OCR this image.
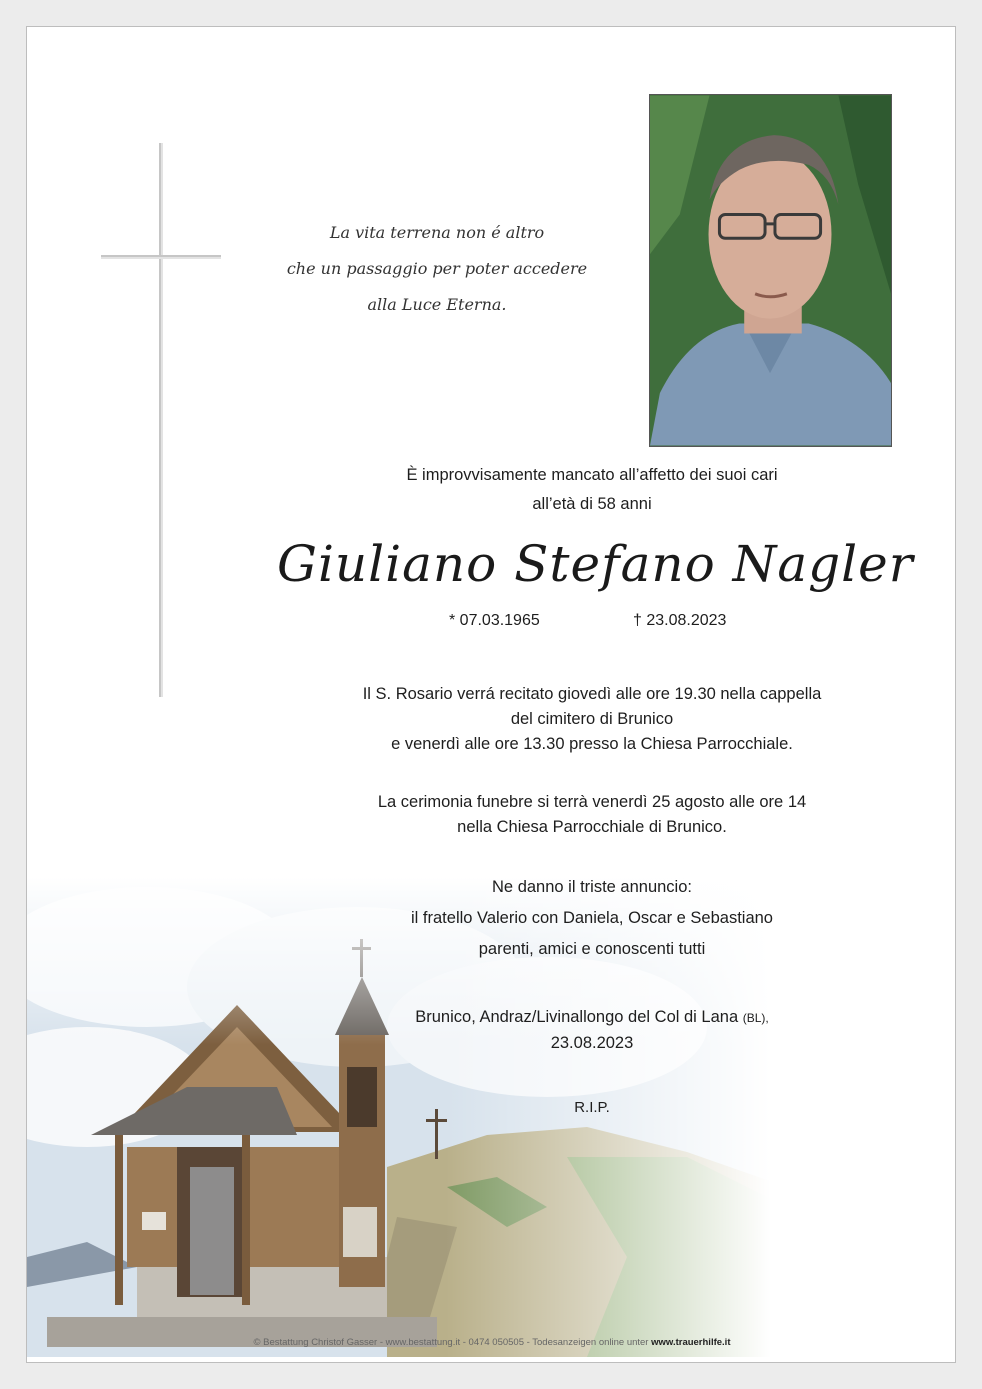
La vita terrena non é altro
che un passaggio per poter accedere
alla Luce Eterna.
È improvvisamente mancato all’affetto dei suoi cari
all’età di 58 anni
Giuliano Stefano Nagler
* 07.03.1965	† 23.08.2023
Il S. Rosario verrá recitato giovedì alle ore 19.30 nella cappella
del cimitero di Brunico
e venerdì alle ore 13.30 presso la Chiesa Parrocchiale.
La cerimonia funebre si terrà venerdì 25 agosto alle ore 14
nella Chiesa Parrocchiale di Brunico.
Ne danno il triste annuncio:
il fratello Valerio con Daniela, Oscar e Sebastiano
parenti, amici e conoscenti tutti
Brunico, Andraz/Livinallongo del Col di Lana (BL),
23.08.2023
R.I.P.
© Bestattung Christof Gasser - www.bestattung.it - 0474 050505 - Todesanzeigen online unter www.trauerhilfe.it
